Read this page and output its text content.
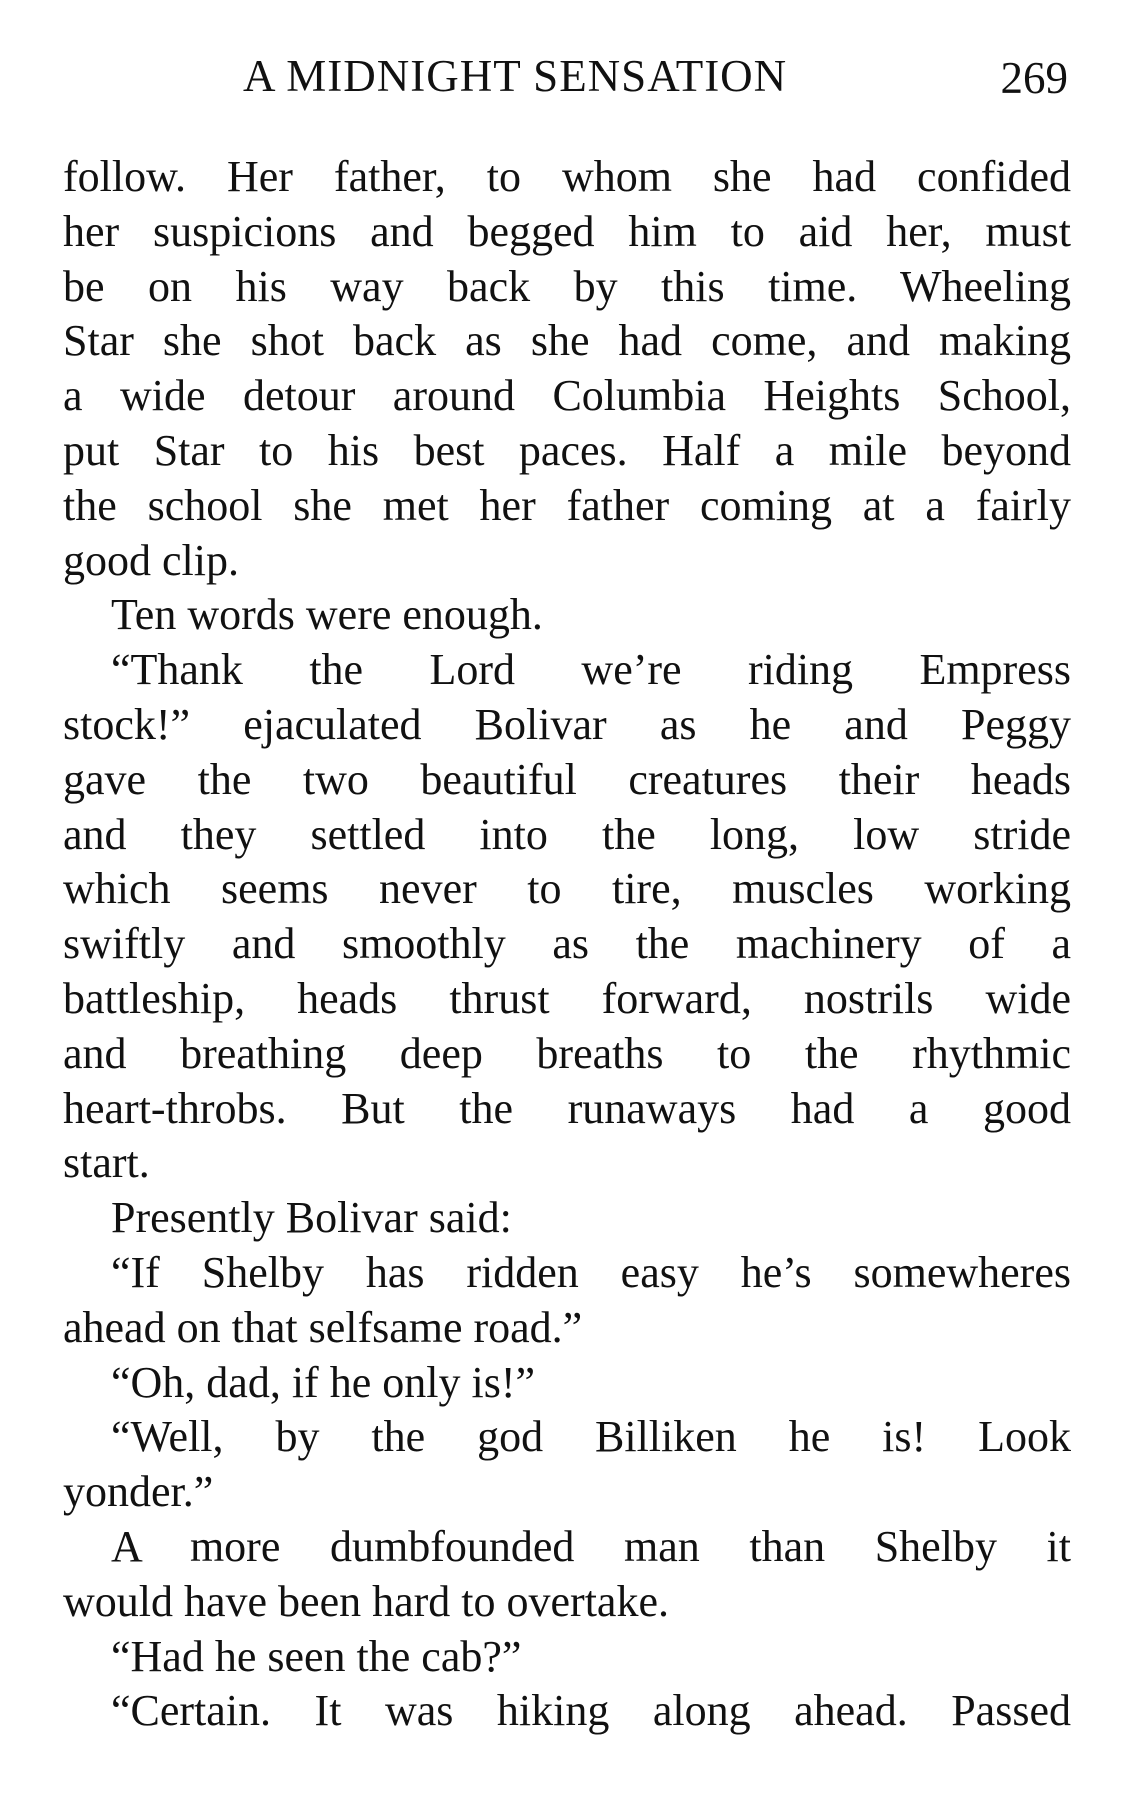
A MIDNIGHT SENSATION	269
follow. Her father, to whom she had confided
her suspicions and begged him to aid her, must
be on his way back by this time. Wheeling
Star she shot back as she had come, and making
a wide detour around Columbia Heights School,
put Star to his best paces. Half a mile beyond
the school she met her father coming at a fairly
good clip.
Ten words were enough.
“Thank the Lord we’re riding Empress
stock!” ejaculated Bolivar as he and Peggy
gave the two beautiful creatures their heads
and they settled into the long, low stride
which seems never to tire, muscles working
swiftly and smoothly as the machinery of a
battleship, heads thrust forward, nostrils wide
and breathing deep breaths to the rhythmic
heart-throbs. But the runaways had a good
start.
Presently Bolivar said:
“If Shelby has ridden easy he’s somewheres
ahead on that selfsame road.”
“Oh, dad, if he only is!”
“Well, by the god Billiken he is! Look
yonder.”
A more dumbfounded man than Shelby it
would have been hard to overtake.
“Had he seen the cab?”
“Certain. It was hiking along ahead. Passed
